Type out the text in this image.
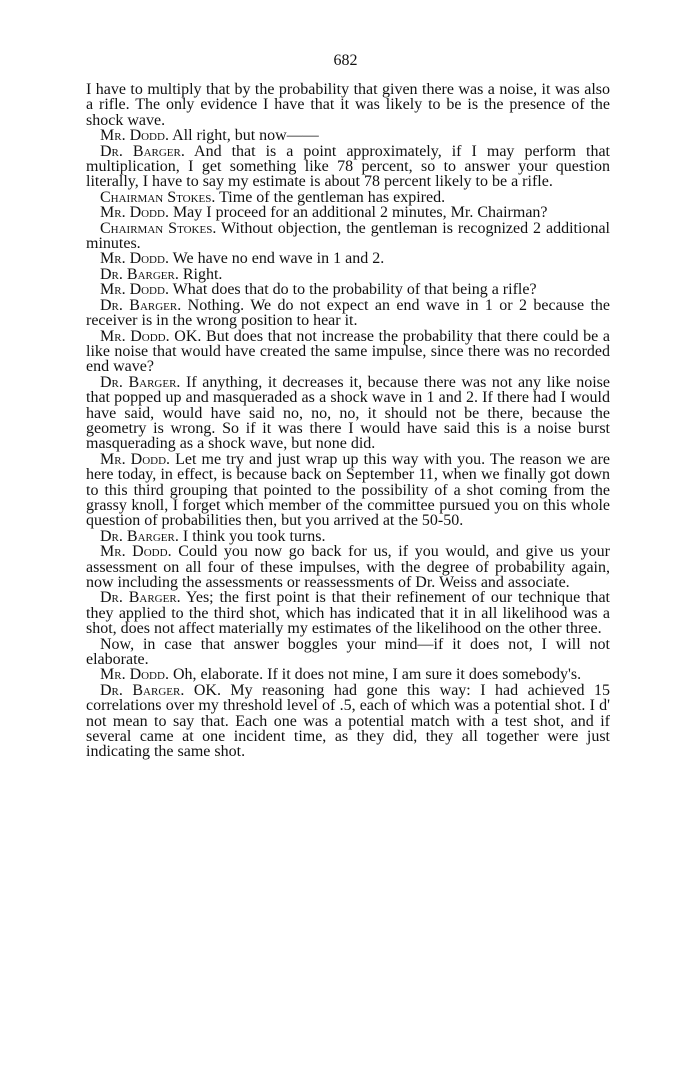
682

I have to multiply that by the probability that given there was a noise, it was also a rifle. The only evidence I have that it was likely to be is the presence of the shock wave.

Mr. Dodd. All right, but now——

Dr. Barger. And that is a point approximately, if I may perform that multiplication, I get something like 78 percent, so to answer your question literally, I have to say my estimate is about 78 percent likely to be a rifle.

Chairman Stokes. Time of the gentleman has expired.

Mr. Dodd. May I proceed for an additional 2 minutes, Mr. Chairman?

Chairman Stokes. Without objection, the gentleman is recognized 2 additional minutes.

Mr. Dodd. We have no end wave in 1 and 2.

Dr. Barger. Right.

Mr. Dodd. What does that do to the probability of that being a rifle?

Dr. Barger. Nothing. We do not expect an end wave in 1 or 2 because the receiver is in the wrong position to hear it.

Mr. Dodd. OK. But does that not increase the probability that there could be a like noise that would have created the same impulse, since there was no recorded end wave?

Dr. Barger. If anything, it decreases it, because there was not any like noise that popped up and masqueraded as a shock wave in 1 and 2. If there had I would have said, would have said no, no, no, it should not be there, because the geometry is wrong. So if it was there I would have said this is a noise burst masquerading as a shock wave, but none did.

Mr. Dodd. Let me try and just wrap up this way with you. The reason we are here today, in effect, is because back on September 11, when we finally got down to this third grouping that pointed to the possibility of a shot coming from the grassy knoll, I forget which member of the committee pursued you on this whole question of probabilities then, but you arrived at the 50-50.

Dr. Barger. I think you took turns.

Mr. Dodd. Could you now go back for us, if you would, and give us your assessment on all four of these impulses, with the degree of probability again, now including the assessments or reassessments of Dr. Weiss and associate.

Dr. Barger. Yes; the first point is that their refinement of our technique that they applied to the third shot, which has indicated that it in all likelihood was a shot, does not affect materially my estimates of the likelihood on the other three.

Now, in case that answer boggles your mind—if it does not, I will not elaborate.

Mr. Dodd. Oh, elaborate. If it does not mine, I am sure it does somebody's.

Dr. Barger. OK. My reasoning had gone this way: I had achieved 15 correlations over my threshold level of .5, each of which was a potential shot. I d' not mean to say that. Each one was a potential match with a test shot, and if several came at one incident time, as they did, they all together were just indicating the same shot.
